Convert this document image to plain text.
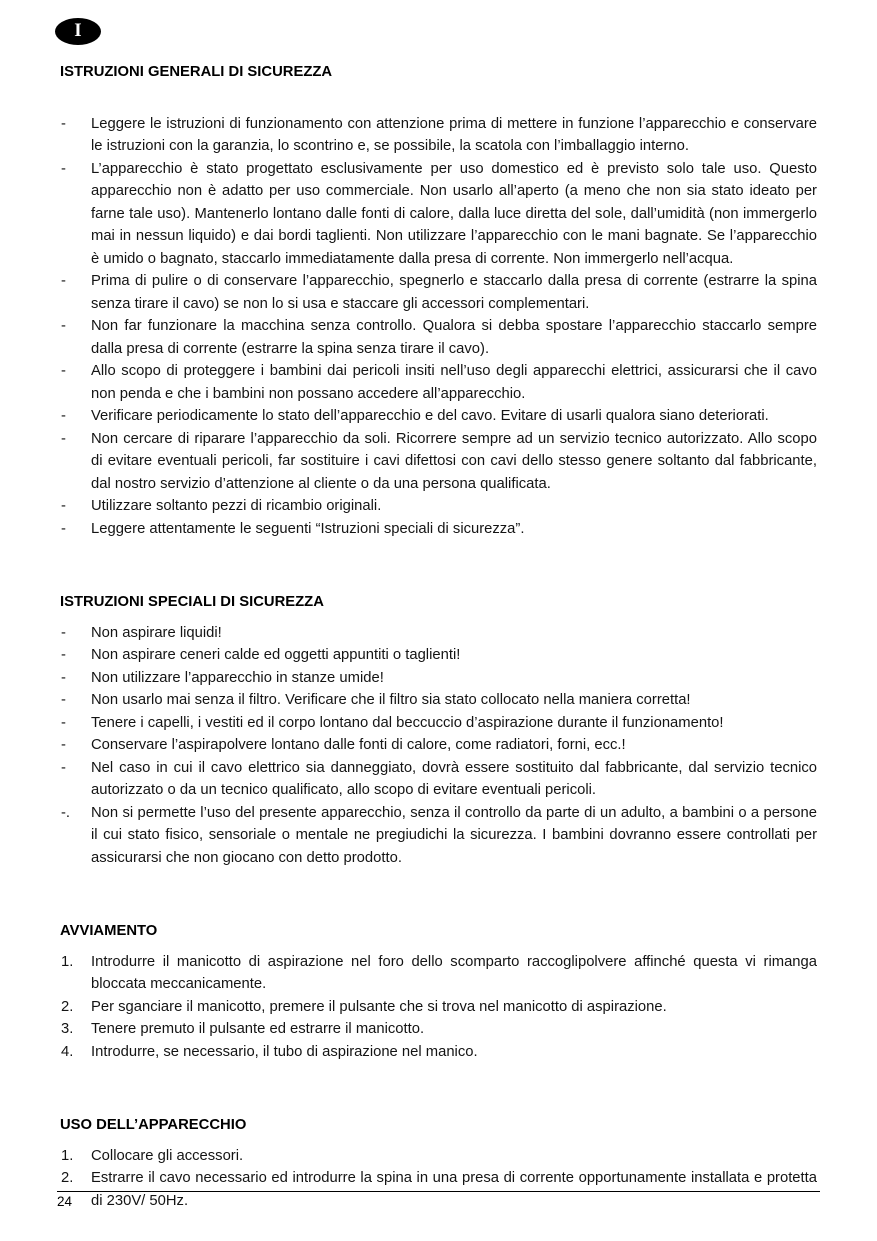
I
ISTRUZIONI GENERALI DI SICUREZZA
- Leggere le istruzioni di funzionamento con attenzione prima di mettere in funzione l’apparecchio e conservare le istruzioni con la garanzia, lo scontrino e, se possibile, la scatola con l’imballaggio interno.
- L’apparecchio è stato progettato esclusivamente per uso domestico ed è previsto solo tale uso. Questo apparecchio non è adatto per uso commerciale. Non usarlo all’aperto (a meno che non sia stato ideato per farne tale uso). Mantenerlo lontano dalle fonti di calore, dalla luce diretta del sole, dall’umidità (non immergerlo mai in nessun liquido) e dai bordi taglienti. Non utilizzare l’apparecchio con le mani bagnate. Se l’apparecchio è umido o bagnato, staccarlo immediatamente dalla presa di corrente. Non immergerlo nell’acqua.
- Prima di pulire o di conservare l’apparecchio, spegnerlo e staccarlo dalla presa di corrente (estrarre la spina senza tirare il cavo) se non lo si usa e staccare gli accessori complementari.
- Non far funzionare la macchina senza controllo. Qualora si debba spostare l’apparecchio staccarlo sempre dalla presa di corrente (estrarre la spina senza tirare il cavo).
- Allo scopo di proteggere i bambini dai pericoli insiti nell’uso degli apparecchi elettrici, assicurarsi che il cavo non penda e che i bambini non possano accedere all’apparecchio.
- Verificare periodicamente lo stato dell’apparecchio e del cavo. Evitare di usarli qualora siano deteriorati.
- Non cercare di riparare l’apparecchio da soli. Ricorrere sempre ad un servizio tecnico autorizzato. Allo scopo di evitare eventuali pericoli, far sostituire i cavi difettosi con cavi dello stesso genere soltanto dal fabbricante, dal nostro servizio d’attenzione al cliente o da una persona qualificata.
- Utilizzare soltanto pezzi di ricambio originali.
- Leggere attentamente le seguenti “Istruzioni speciali di sicurezza”.
ISTRUZIONI SPECIALI DI SICUREZZA
- Non aspirare liquidi!
- Non aspirare ceneri calde ed oggetti appuntiti o taglienti!
- Non utilizzare l’apparecchio in stanze umide!
- Non usarlo mai senza il filtro. Verificare che il filtro sia stato collocato nella maniera corretta!
- Tenere i capelli, i vestiti ed il corpo lontano dal beccuccio d’aspirazione durante il funzionamento!
- Conservare l’aspirapolvere lontano dalle fonti di calore, come radiatori, forni, ecc.!
- Nel caso in cui il cavo elettrico sia danneggiato, dovrà essere sostituito dal fabbricante, dal servizio tecnico autorizzato o da un tecnico qualificato, allo scopo di evitare eventuali pericoli.
-. Non si permette l’uso del presente apparecchio, senza il controllo da parte di un adulto, a bambini o a persone il cui stato fisico, sensoriale o mentale ne pregiudichi la sicurezza. I bambini dovranno essere controllati per assicurarsi che non giocano con detto prodotto.
AVVIAMENTO
1. Introdurre il manicotto di aspirazione nel foro dello scomparto raccoglipolvere affinché questa vi rimanga bloccata meccanicamente.
2. Per sganciare il manicotto, premere il pulsante che si trova nel manicotto di aspirazione.
3. Tenere premuto il pulsante ed estrarre il manicotto.
4. Introdurre, se necessario, il tubo di aspirazione nel manico.
USO DELL’APPARECCHIO
1. Collocare gli accessori.
2. Estrarre il cavo necessario ed introdurre la spina in una presa di corrente opportunamente installata e protetta di 230V/ 50Hz.
24
